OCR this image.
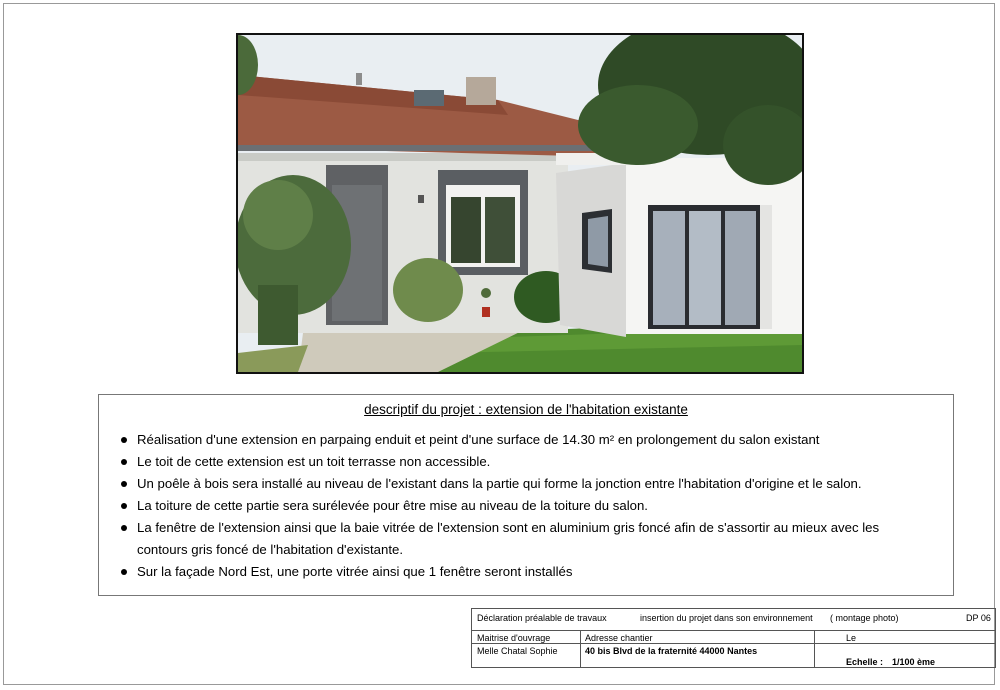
descriptif du projet : extension de l'habitation existante
Réalisation d'une extension en parpaing enduit et peint d'une surface de 14.30 m² en prolongement du salon existant
Le toit de cette extension est un toit terrasse non accessible.
Un poêle à bois sera installé au niveau de l'existant dans la partie qui forme la jonction entre l'habitation d'origine et le salon.
La toiture de cette partie sera surélevée pour être mise au niveau de la toiture du salon.
La fenêtre de l'extension ainsi que la baie vitrée de l'extension sont en aluminium gris foncé afin de s'assortir au mieux avec les contours gris foncé de l'habitation d'existante.
Sur la façade Nord Est, une porte vitrée ainsi que 1 fenêtre seront installés
Déclaration préalable de travaux	insertion du projet dans son environnement ( montage photo)	DP 06
Maitrise d'ouvrage	Adresse chantier	Le
Melle Chatal Sophie	40 bis Blvd de la fraternité 44000 Nantes
Echelle : 1/100 ème
